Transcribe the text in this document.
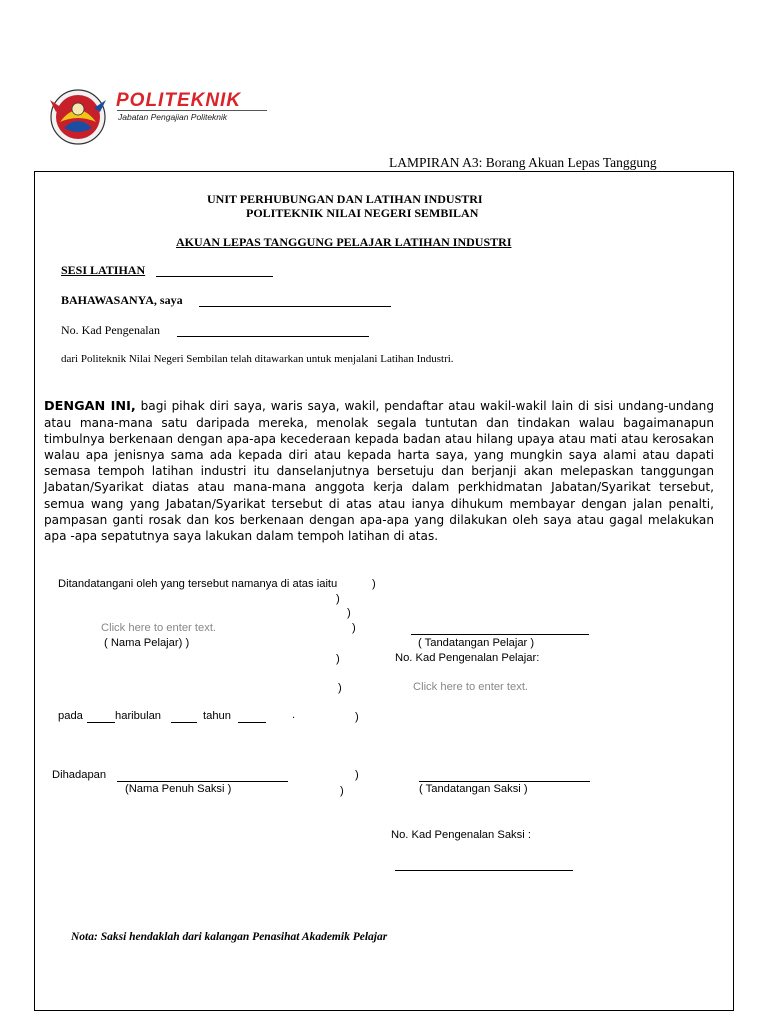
POLITEKNIK
Jabatan Pengajian Politeknik
LAMPIRAN A3: Borang Akuan Lepas Tanggung
UNIT PERHUBUNGAN DAN LATIHAN INDUSTRI
POLITEKNIK NILAI NEGERI SEMBILAN
AKUAN LEPAS TANGGUNG PELAJAR LATIHAN INDUSTRI
SESI LATIHAN
BAHAWASANYA, saya
No. Kad Pengenalan
dari Politeknik Nilai Negeri Sembilan telah ditawarkan untuk menjalani Latihan Industri.
DENGAN INI, bagi pihak diri saya, waris saya, wakil, pendaftar atau wakil-wakil lain di sisi undang-undang atau mana-mana satu daripada mereka, menolak segala tuntutan dan tindakan walau bagaimanapun timbulnya berkenaan dengan apa-apa kecederaan kepada badan atau hilang upaya atau mati atau kerosakan walau apa jenisnya sama ada kepada diri atau kepada harta saya, yang mungkin saya alami atau dapati semasa tempoh latihan industri itu danselanjutnya bersetuju dan berjanji akan melepaskan tanggungan Jabatan/Syarikat diatas atau mana-mana anggota kerja dalam perkhidmatan Jabatan/Syarikat tersebut, semua wang yang Jabatan/Syarikat tersebut di atas atau ianya dihukum membayar dengan jalan penalti, pampasan ganti rosak dan kos berkenaan dengan apa-apa yang dilakukan oleh saya atau gagal melakukan apa -apa sepatutnya saya lakukan dalam tempoh latihan di atas.
Ditandatangani oleh yang tersebut namanya di atas iaitu	)
)
)
Click here to enter text.	)
( Nama Pelajar) )	( Tandatangan Pelajar )
)	No. Kad Pengenalan Pelajar:
)	Click here to enter text.
pada	haribulan	tahun	.	)
Dihadapan	)
(Nama Penuh Saksi )	)	( Tandatangan Saksi )
No. Kad Pengenalan Saksi :
Nota: Saksi hendaklah dari kalangan Penasihat Akademik Pelajar
